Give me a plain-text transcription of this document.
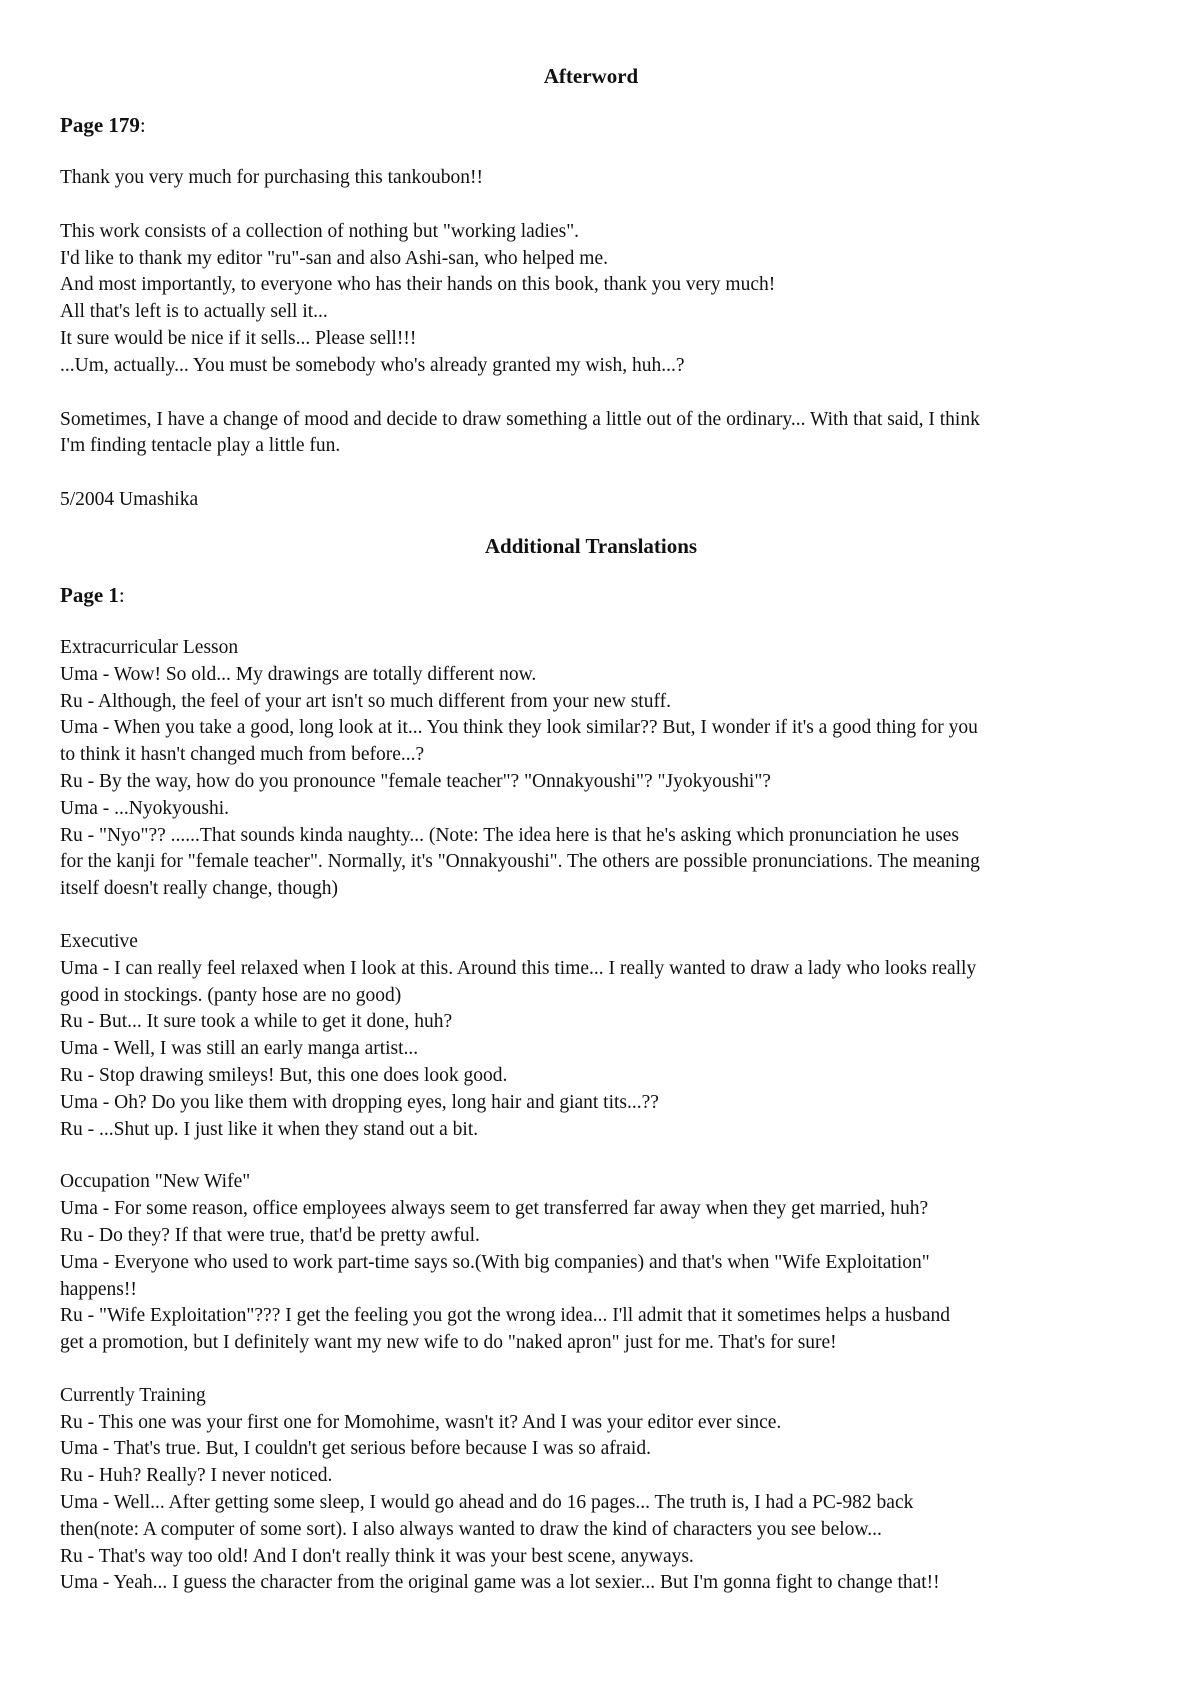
Afterword

Page 179:

Thank you very much for purchasing this tankoubon!!

This work consists of a collection of nothing but "working ladies".

I'd like to thank my editor "ru"-san and also Ashi-san, who helped me.

And most importantly, to everyone who has their hands on this book, thank you very much!

All that's left is to actually sell it...

It sure would be nice if it sells... Please sell!!!

...Um, actually... You must be somebody who's already granted my wish, huh...?

Sometimes, I have a change of mood and decide to draw something a little out of the ordinary... With that said, I think

I'm finding tentacle play a little fun.

5/2004 Umashika

Additional Translations

Page 1:

Extracurricular Lesson

Uma - Wow! So old... My drawings are totally different now.

Ru - Although, the feel of your art isn't so much different from your new stuff.

Uma - When you take a good, long look at it... You think they look similar?? But, I wonder if it's a good thing for you

to think it hasn't changed much from before...?

Ru - By the way, how do you pronounce "female teacher"? "Onnakyoushi"? "Jyokyoushi"?

Uma - ...Nyokyoushi.

Ru - "Nyo"?? ......That sounds kinda naughty... (Note: The idea here is that he's asking which pronunciation he uses

for the kanji for "female teacher". Normally, it's "Onnakyoushi". The others are possible pronunciations. The meaning

itself doesn't really change, though)

Executive

Uma - I can really feel relaxed when I look at this. Around this time... I really wanted to draw a lady who looks really

good in stockings. (panty hose are no good)

Ru - But... It sure took a while to get it done, huh?

Uma - Well, I was still an early manga artist...

Ru - Stop drawing smileys! But, this one does look good.

Uma - Oh? Do you like them with dropping eyes, long hair and giant tits...??

Ru - ...Shut up. I just like it when they stand out a bit.

Occupation "New Wife"

Uma - For some reason, office employees always seem to get transferred far away when they get married, huh?

Ru - Do they? If that were true, that'd be pretty awful.

Uma - Everyone who used to work part-time says so.(With big companies) and that's when "Wife Exploitation"

happens!!

Ru - "Wife Exploitation"??? I get the feeling you got the wrong idea... I'll admit that it sometimes helps a husband

get a promotion, but I definitely want my new wife to do "naked apron" just for me. That's for sure!

Currently Training

Ru - This one was your first one for Momohime, wasn't it? And I was your editor ever since.

Uma - That's true. But, I couldn't get serious before because I was so afraid.

Ru - Huh? Really? I never noticed.

Uma - Well... After getting some sleep, I would go ahead and do 16 pages... The truth is, I had a PC-982 back

then(note: A computer of some sort). I also always wanted to draw the kind of characters you see below...

Ru - That's way too old! And I don't really think it was your best scene, anyways.

Uma - Yeah... I guess the character from the original game was a lot sexier... But I'm gonna fight to change that!!
